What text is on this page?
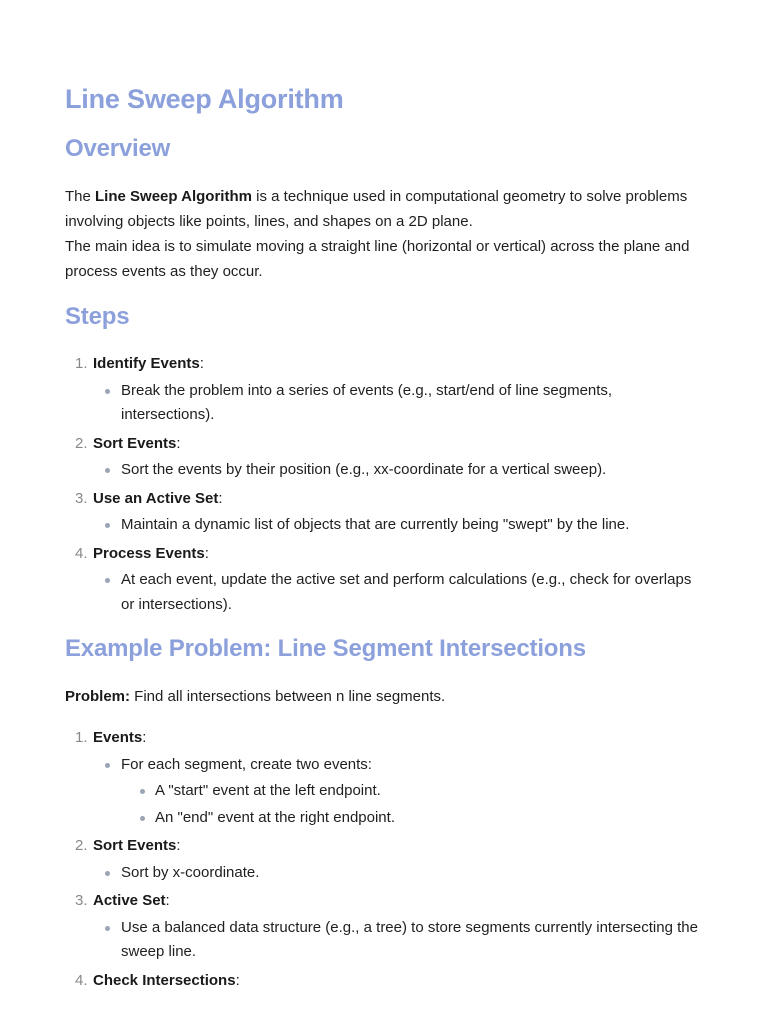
Line Sweep Algorithm
Overview

The Line Sweep Algorithm is a technique used in computational geometry to solve problems involving objects like points, lines, and shapes on a 2D plane.

The main idea is to simulate moving a straight line (horizontal or vertical) across the plane and process events as they occur.

Steps
1. Identify Events:
Break the problem into a series of events (e.g., start/end of line segments, intersections).
2. Sort Events:
Sort the events by their position (e.g., xx-coordinate for a vertical sweep).
3. Use an Active Set:
Maintain a dynamic list of objects that are currently being "swept" by the line.
4. Process Events:
At each event, update the active set and perform calculations (e.g., check for overlaps or intersections).
Example Problem: Line Segment Intersections

Problem: Find all intersections between n line segments.

1. Events:
For each segment, create two events:
A "start" event at the left endpoint.
An "end" event at the right endpoint.
2. Sort Events:
Sort by x-coordinate.
3. Active Set:
Use a balanced data structure (e.g., a tree) to store segments currently intersecting the sweep line.
4. Check Intersections:
